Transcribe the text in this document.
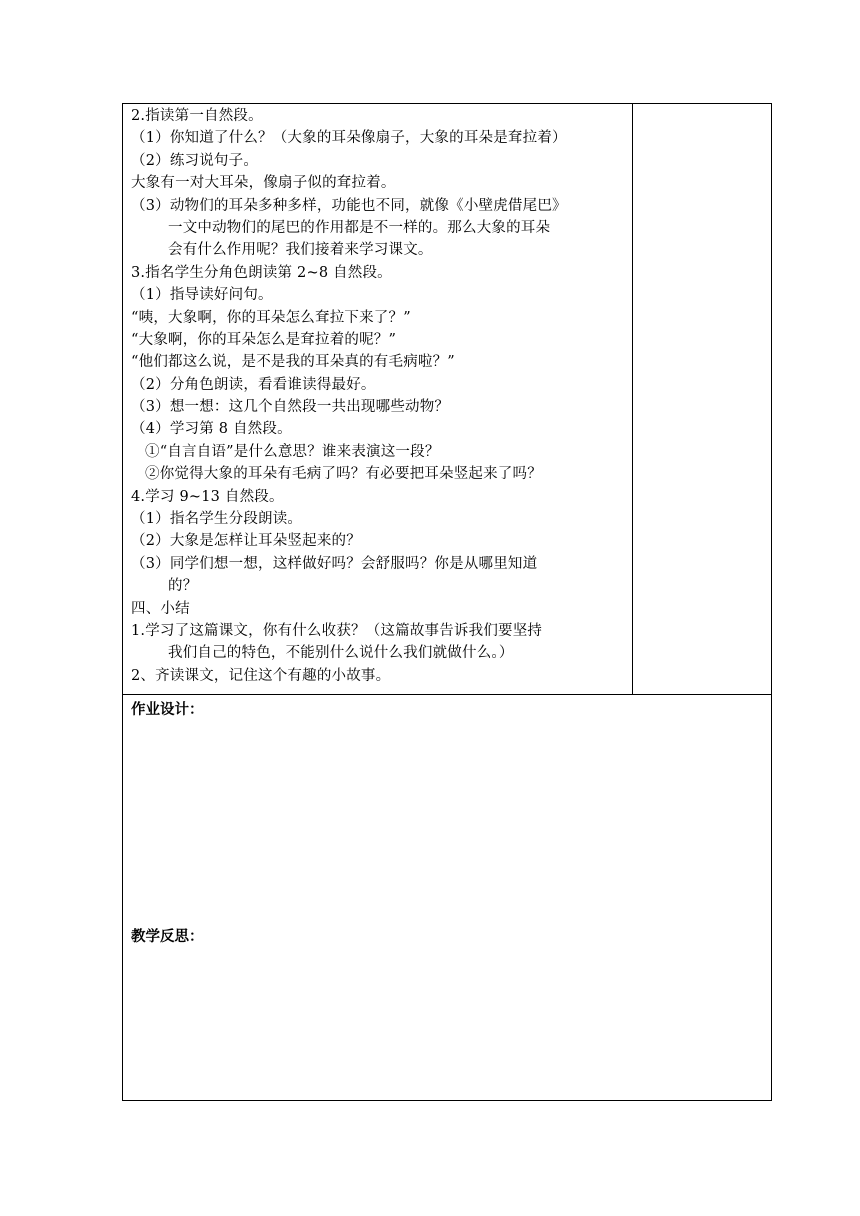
2.指读第一自然段。
（1）你知道了什么？（大象的耳朵像扇子，大象的耳朵是耷拉着）
（2）练习说句子。
大象有一对大耳朵，像扇子似的耷拉着。
（3）动物们的耳朵多种多样，功能也不同，就像《小壁虎借尾巴》
一文中动物们的尾巴的作用都是不一样的。那么大象的耳朵
会有什么作用呢？我们接着来学习课文。
3.指名学生分角色朗读第 2~8 自然段。
（1）指导读好问句。
“咦，大象啊，你的耳朵怎么耷拉下来了？”
“大象啊，你的耳朵怎么是耷拉着的呢？”
“他们都这么说，是不是我的耳朵真的有毛病啦？”
（2）分角色朗读，看看谁读得最好。
（3）想一想：这几个自然段一共出现哪些动物？
（4）学习第 8 自然段。
①“自言自语”是什么意思？谁来表演这一段？
②你觉得大象的耳朵有毛病了吗？有必要把耳朵竖起来了吗？
4.学习 9~13 自然段。
（1）指名学生分段朗读。
（2）大象是怎样让耳朵竖起来的？
（3）同学们想一想，这样做好吗？会舒服吗？你是从哪里知道
的？
四、小结
1.学习了这篇课文，你有什么收获？（这篇故事告诉我们要坚持
我们自己的特色，不能别什么说什么我们就做什么。）
2、齐读课文，记住这个有趣的小故事。
作业设计：
教学反思：
